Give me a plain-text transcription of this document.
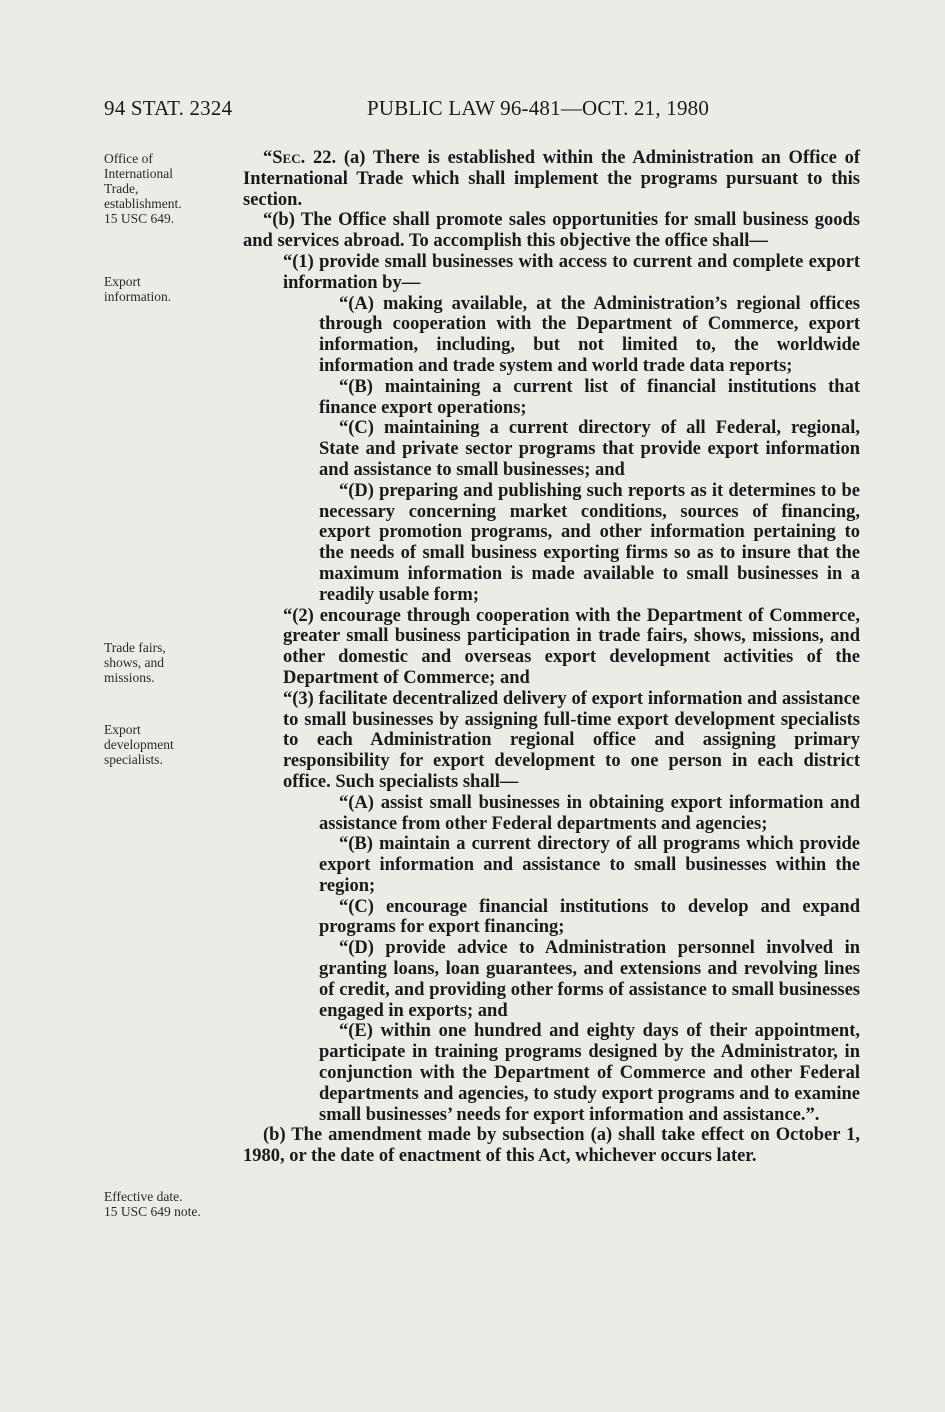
94 STAT. 2324	PUBLIC LAW 96-481—OCT. 21, 1980
Office of
International
Trade,
establishment.
15 USC 649.
Export
information.
Trade fairs,
shows, and
missions.
Export
development
specialists.
Effective date.
15 USC 649 note.

“Sec. 22. (a) There is established within the Administration an Office of International Trade which shall implement the programs pursuant to this section.

“(b) The Office shall promote sales opportunities for small business goods and services abroad. To accomplish this objective the office shall—

“(1) provide small businesses with access to current and complete export information by—

“(A) making available, at the Administration’s regional offices through cooperation with the Department of Commerce, export information, including, but not limited to, the worldwide information and trade system and world trade data reports;

“(B) maintaining a current list of financial institutions that finance export operations;

“(C) maintaining a current directory of all Federal, regional, State and private sector programs that provide export information and assistance to small businesses; and

“(D) preparing and publishing such reports as it determines to be necessary concerning market conditions, sources of financing, export promotion programs, and other information pertaining to the needs of small business exporting firms so as to insure that the maximum information is made available to small businesses in a readily usable form;

“(2) encourage through cooperation with the Department of Commerce, greater small business participation in trade fairs, shows, missions, and other domestic and overseas export development activities of the Department of Commerce; and

“(3) facilitate decentralized delivery of export information and assistance to small businesses by assigning full-time export development specialists to each Administration regional office and assigning primary responsibility for export development to one person in each district office. Such specialists shall—

“(A) assist small businesses in obtaining export information and assistance from other Federal departments and agencies;

“(B) maintain a current directory of all programs which provide export information and assistance to small businesses within the region;

“(C) encourage financial institutions to develop and expand programs for export financing;

“(D) provide advice to Administration personnel involved in granting loans, loan guarantees, and extensions and revolving lines of credit, and providing other forms of assistance to small businesses engaged in exports; and

“(E) within one hundred and eighty days of their appointment, participate in training programs designed by the Administrator, in conjunction with the Department of Commerce and other Federal departments and agencies, to study export programs and to examine small businesses’ needs for export information and assistance.”.

(b) The amendment made by subsection (a) shall take effect on October 1, 1980, or the date of enactment of this Act, whichever occurs later.
